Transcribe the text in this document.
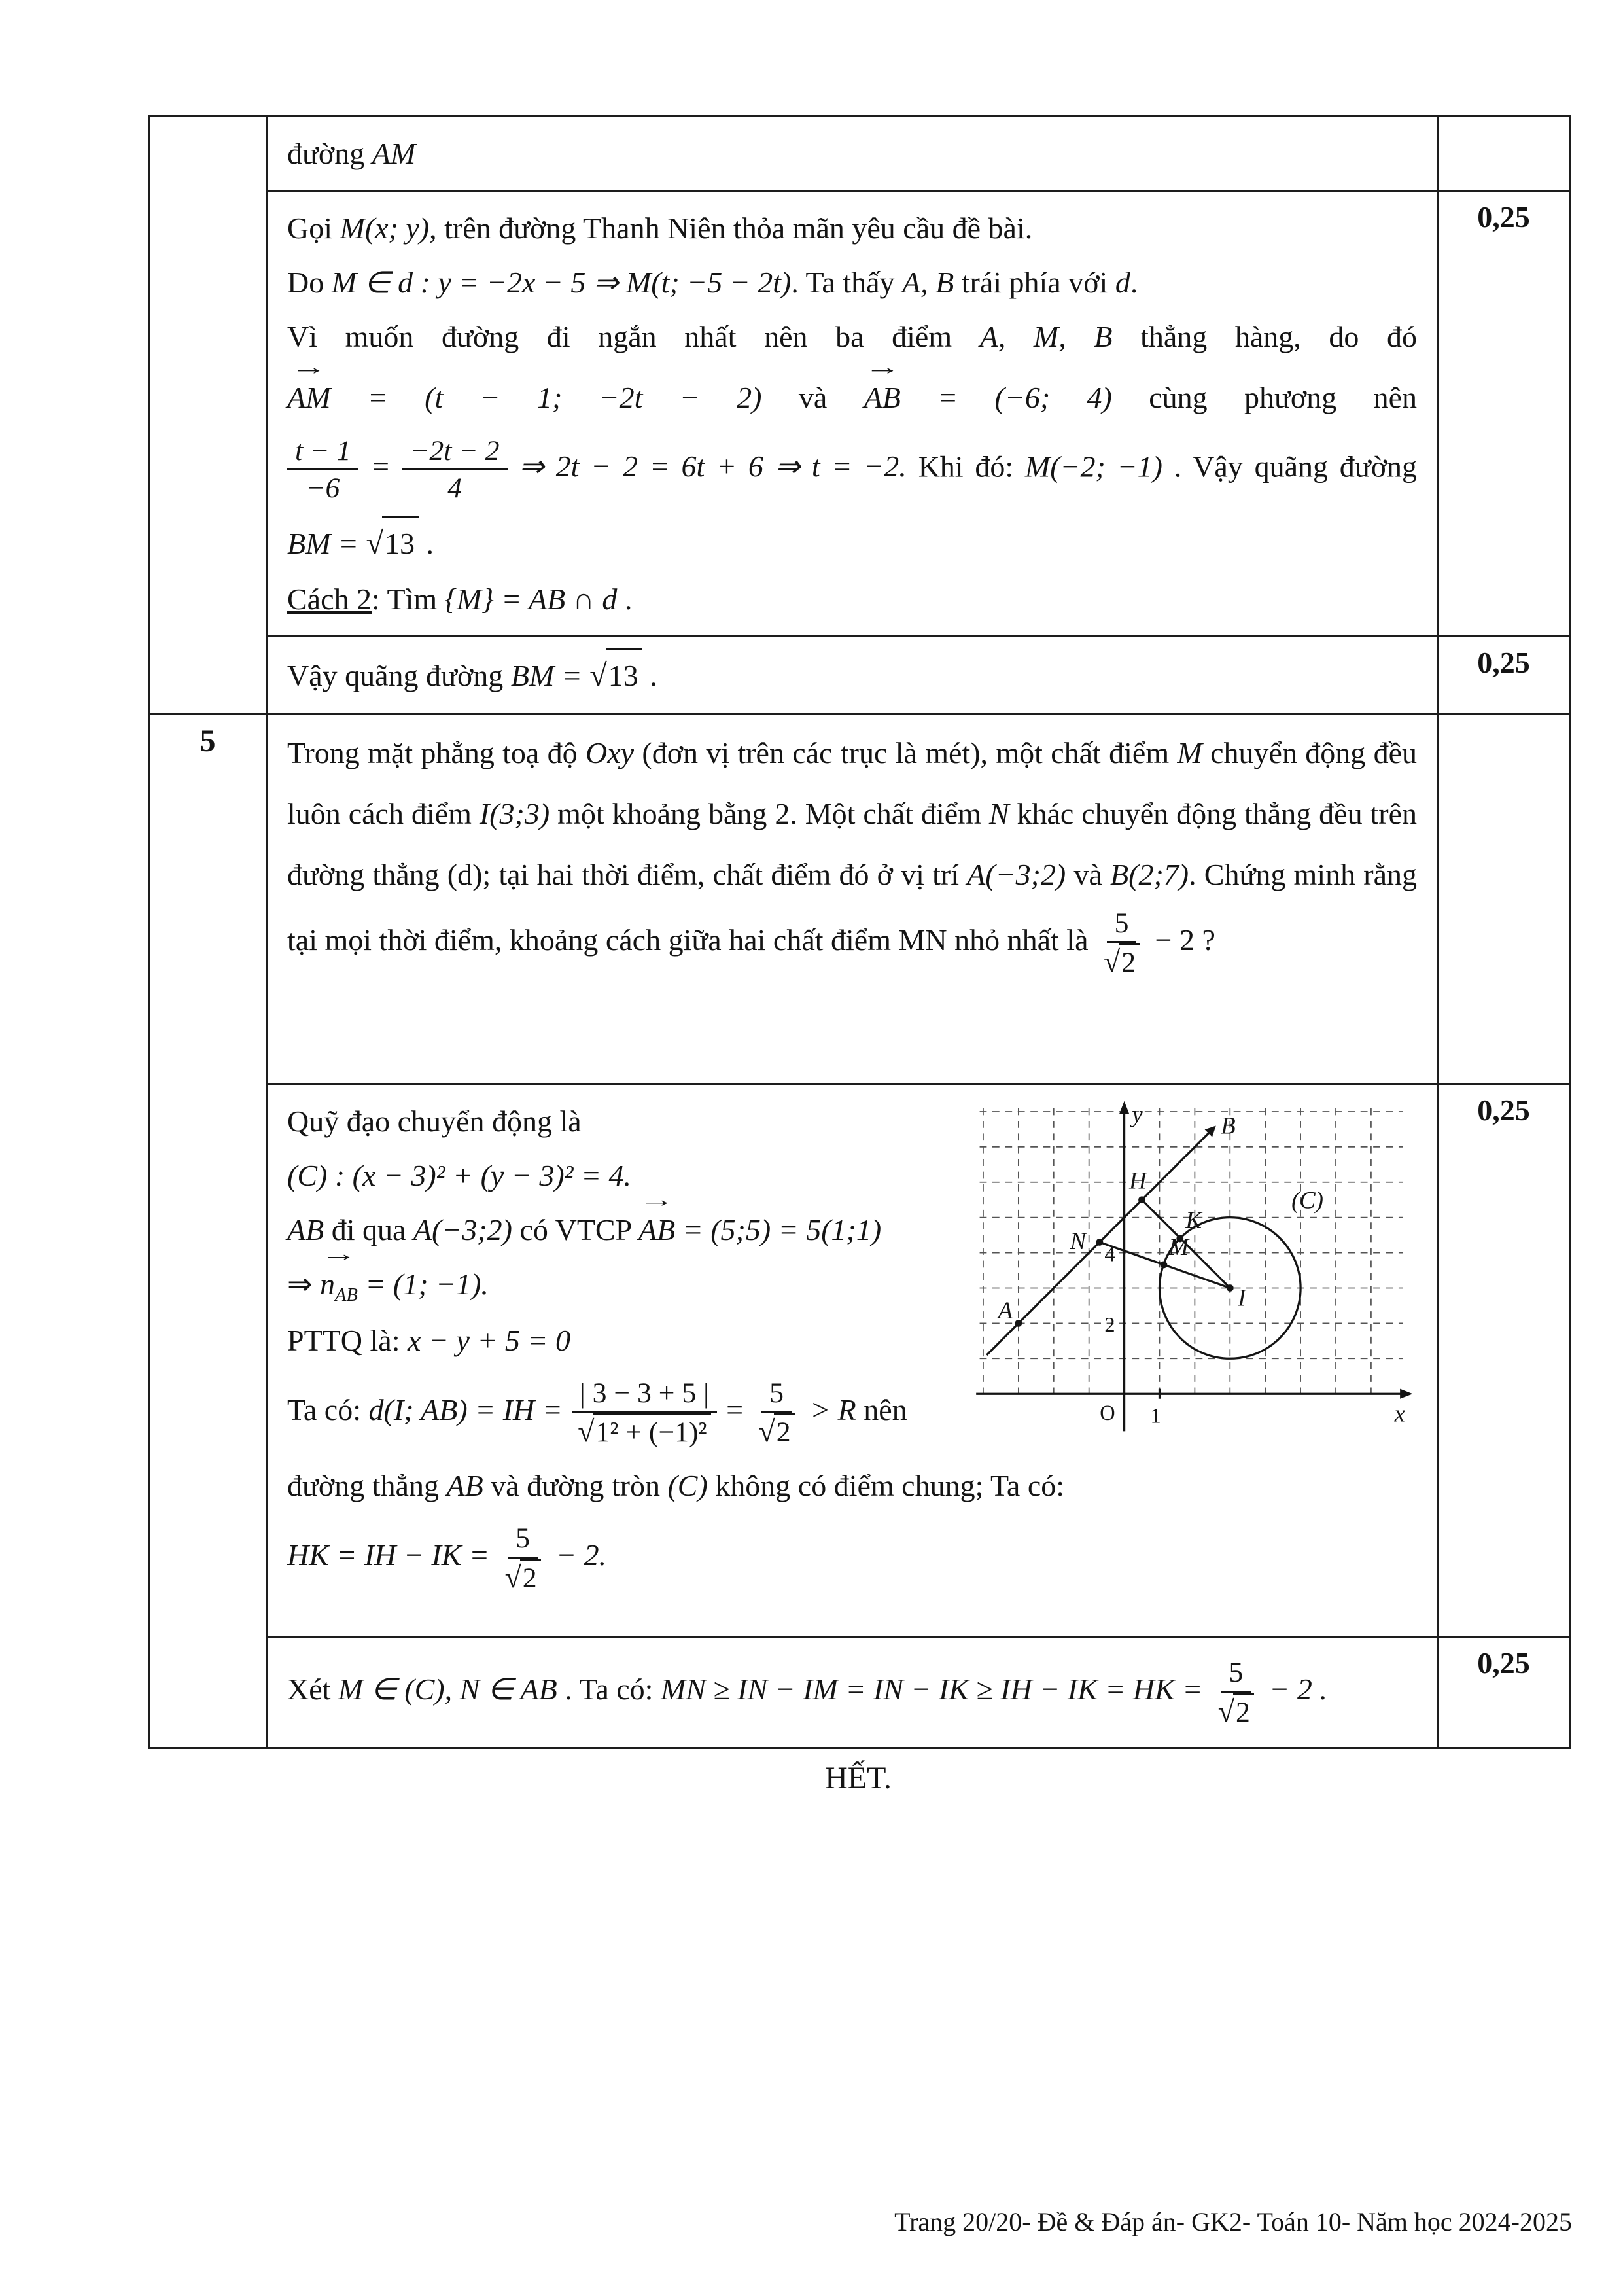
	đường AM	

Gọi M(x; y), trên đường Thanh Niên thỏa mãn yêu cầu đề bài.
Do M ∈ d : y = −2x − 5 ⇒ M(t; −5 − 2t). Ta thấy A, B trái phía với d.
Vì muốn đường đi ngắn nhất nên ba điểm A, M, B thẳng hàng, do đó
→
AM = (t − 1; −2t − 2) và
→
AB = (−6; 4) cùng phương nên
$\frac{t - 1}{-6} = \frac{-2t - 2}{4}$ ⇒ 2t − 2 = 6t + 6 ⇒ t = −2. Khi đó: M(−2; −1) . Vậy quãng đường
BM = √ 13 .
Cách 2: Tìm {M} = AB ∩ d .
	0,25

	Vậy quãng đường BM = √ 13 .	0,25
5	Trong mặt phẳng toạ độ Oxy (đơn vị trên các trục là mét), một chất điểm M chuyển động đều luôn cách điểm I(3;3) một khoảng bằng 2. Một chất điểm N khác chuyển động thẳng đều trên đường thẳng (d); tại hai thời điểm, chất điểm đó ở vị trí A(−3;2) và B(2;7). Chứng minh rằng tại mọi thời điểm, khoảng cách giữa hai chất điểm MN nhỏ nhất là $\frac{5}{√ 2} - 2$ ?	

y
x
O 1
2
4
A
B
H
K
N	M
I
(C)
Quỹ đạo chuyển động là
(C) : (x − 3)² + (y − 3)² = 4.
AB đi qua A(−3;2) có VTCP
→
AB = (5;5) = 5(1;1)
⇒
→
$n_{AB} = (1$; −1).
PTTQ là: x − y + 5 = 0
Ta có: d(I; AB) = IH = $\frac{| 3 - 3 + 5 |}{\text{√ 1² + (−1)²}} = \frac{5}{√ 2} > R$ nên
đường thẳng AB và đường tròn (C) không có điểm chung; Ta có:
HK = IH − IK = $\frac{5}{√ 2} - 2$.
	0,25

	Xét M ∈ (C), N ∈ AB . Ta có: MN ≥ IN − IM = IN − IK ≥ IH − IK = HK = $\frac{5}{√ 2} - 2$ .	0,25
HẾT.
Trang 20/20- Đề & Đáp án- GK2- Toán 10- Năm học 2024-2025
